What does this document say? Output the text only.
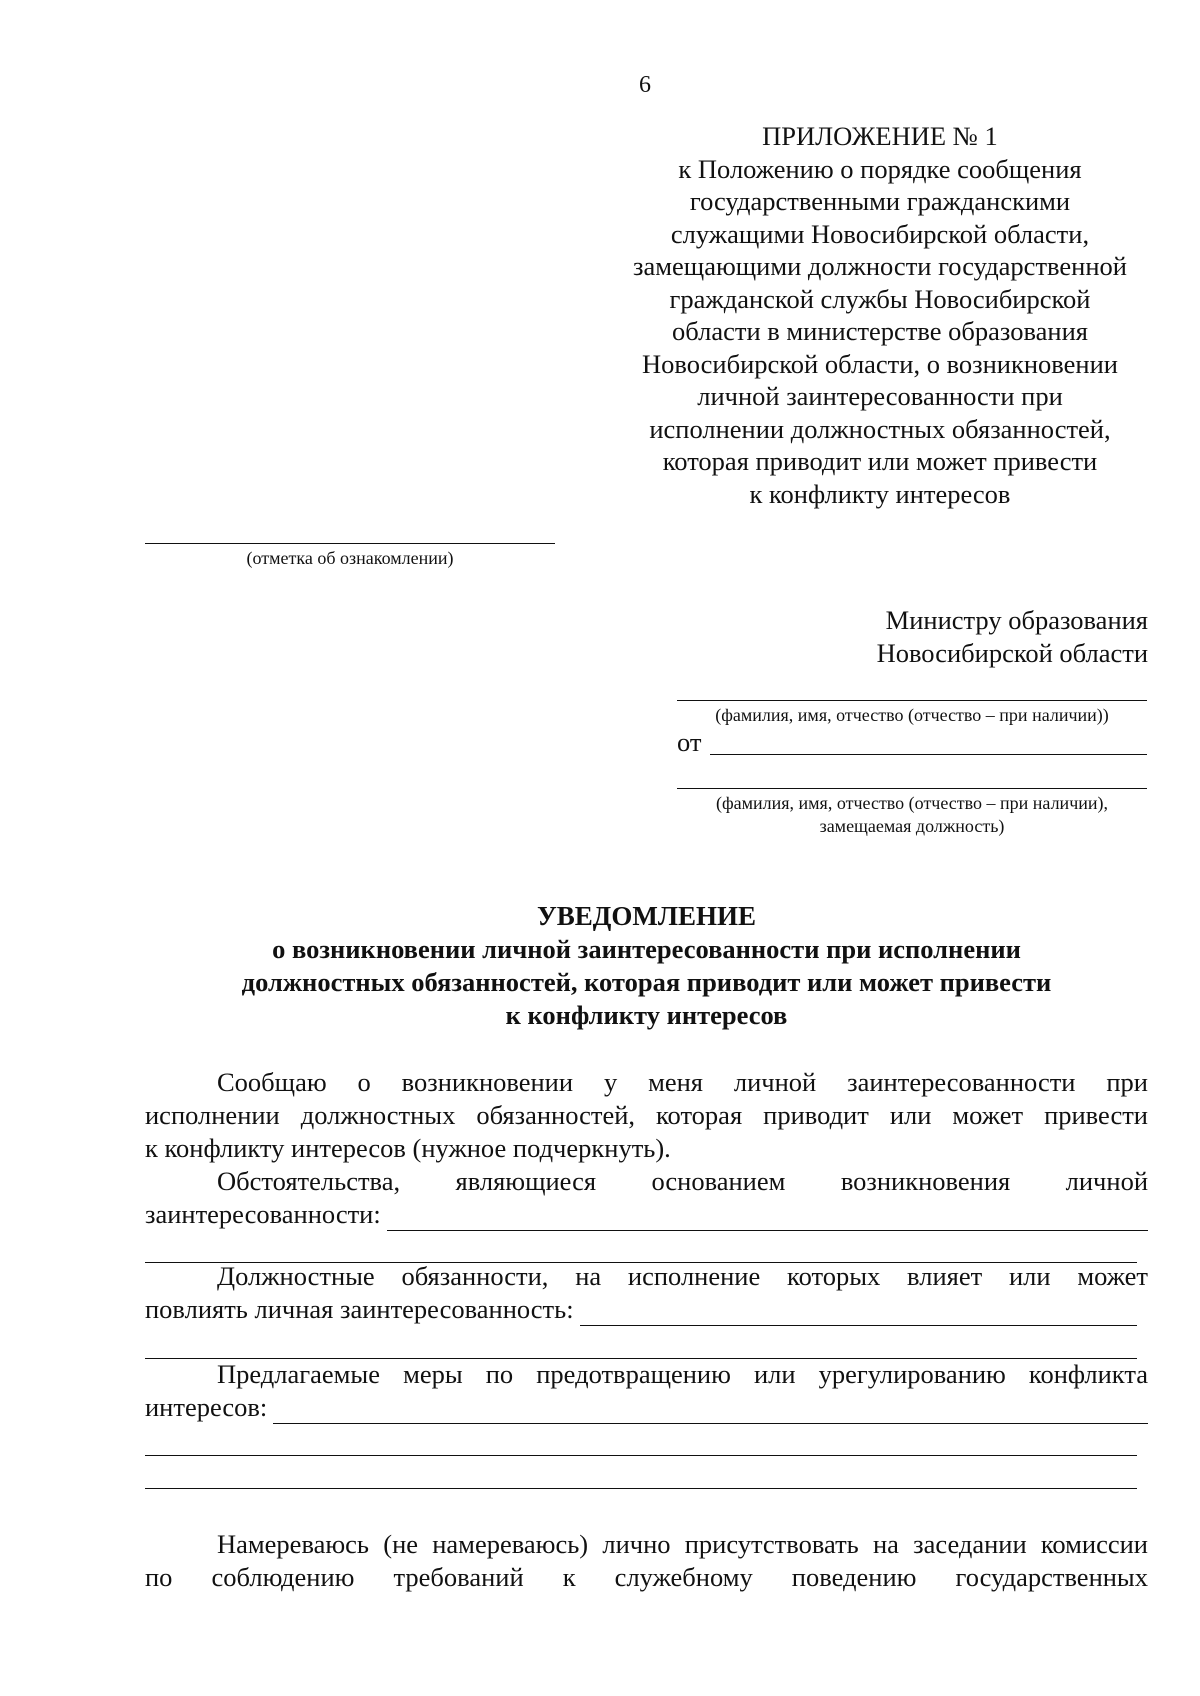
6
ПРИЛОЖЕНИЕ № 1
к Положению о порядке сообщения
государственными гражданскими
служащими Новосибирской области,
замещающими должности государственной
гражданской службы Новосибирской
области в министерстве образования
Новосибирской области, о возникновении
личной заинтересованности при
исполнении должностных обязанностей,
которая приводит или может привести
к конфликту интересов
(отметка об ознакомлении)
Министру образования
Новосибирской области
(фамилия, имя, отчество (отчество – при наличии))
от
(фамилия, имя, отчество (отчество – при наличии),
замещаемая должность)
УВЕДОМЛЕНИЕ
о возникновении личной заинтересованности при исполнении
должностных обязанностей, которая приводит или может привести
к конфликту интересов
Сообщаю о возникновении у меня личной заинтересованности при
исполнении должностных обязанностей, которая приводит или может привести
к конфликту интересов (нужное подчеркнуть).
Обстоятельства, являющиеся основанием возникновения личной
заинтересованности:
Должностные обязанности, на исполнение которых влияет или может
повлиять личная заинтересованность:
Предлагаемые меры по предотвращению или урегулированию конфликта
интересов:
Намереваюсь (не намереваюсь) лично присутствовать на заседании комиссии
по соблюдению требований к служебному поведению государственных
